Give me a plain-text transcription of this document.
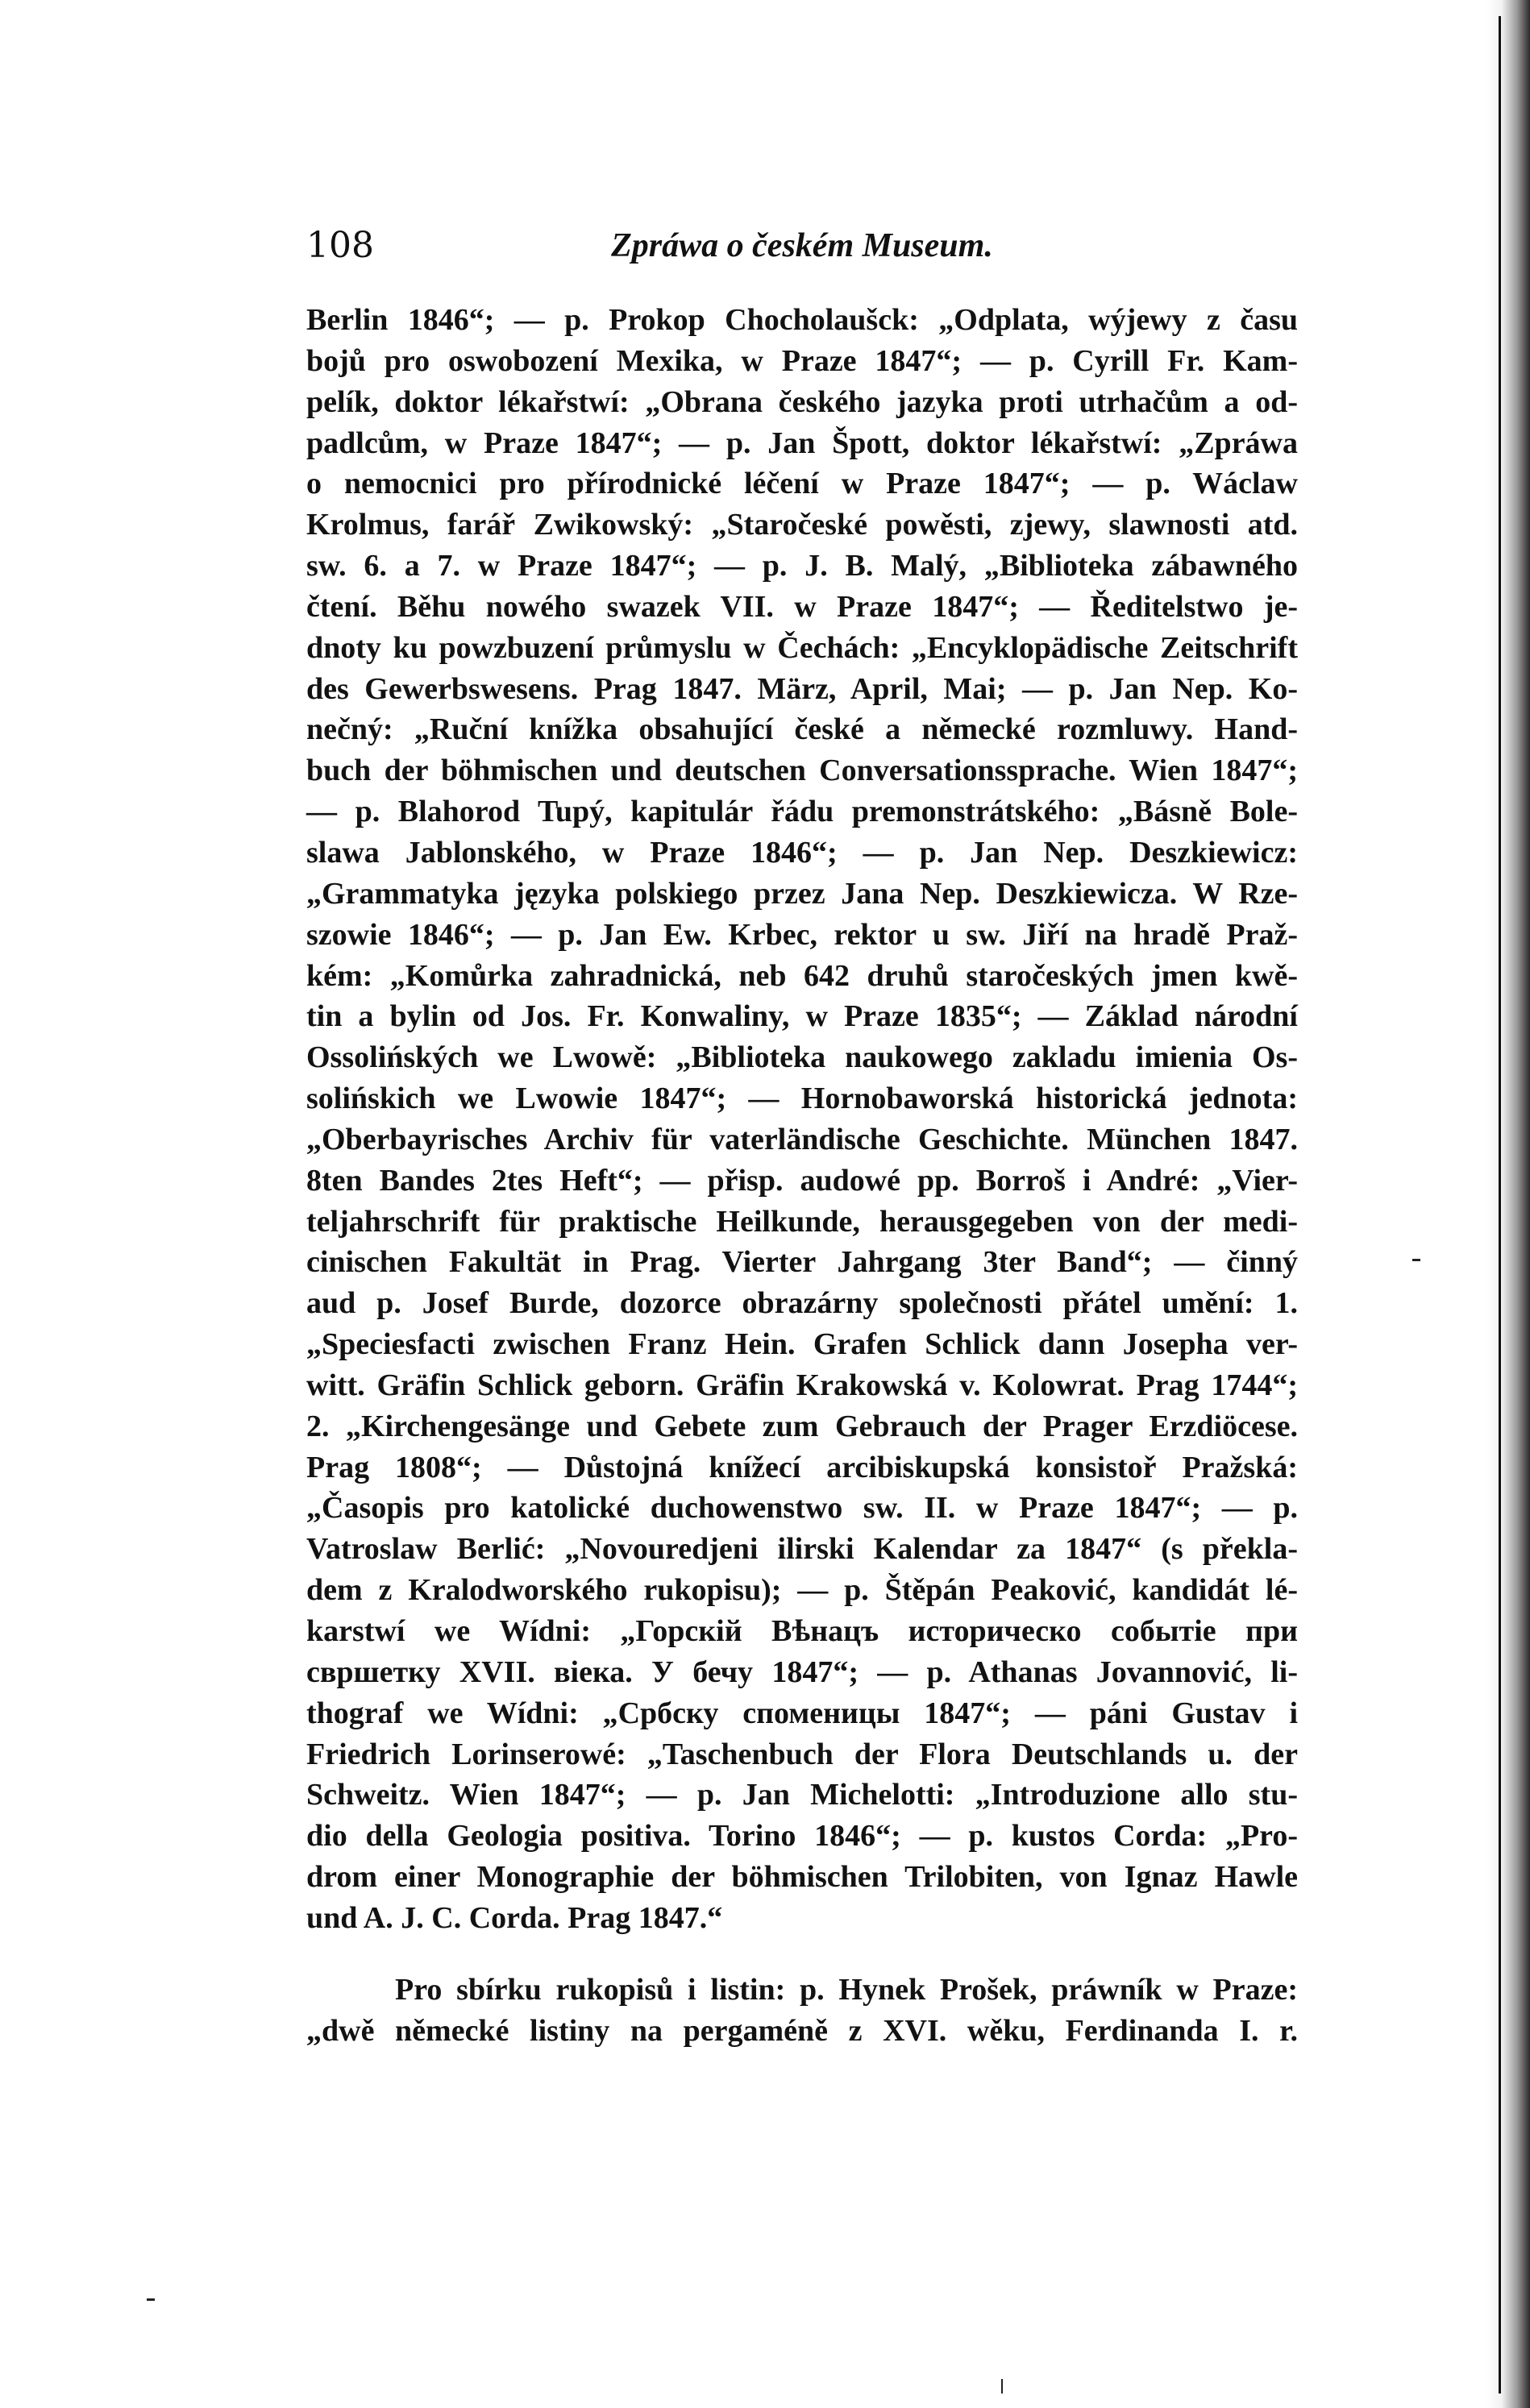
108	Zpráwa o českém Museum.
Berlin 1846“; — p. Prokop Chocholaušck: „Odplata, wýjewy z času
bojů pro oswobození Mexika, w Praze 1847“; — p. Cyrill Fr. Kam-
pelík, doktor lékařstwí: „Obrana českého jazyka proti utrhačům a od-
padlcům, w Praze 1847“; — p. Jan Špott, doktor lékařstwí: „Zpráwa
o nemocnici pro přírodnické léčení w Praze 1847“; — p. Wáclaw
Krolmus, farář Zwikowský: „Staročeské powěsti, zjewy, slawnosti atd.
sw. 6. a 7. w Praze 1847“; — p. J. B. Malý, „Biblioteka zábawného
čtení. Běhu nowého swazek VII. w Praze 1847“; — Ředitelstwo je-
dnoty ku powzbuzení průmyslu w Čechách: „Encyklopädische Zeitschrift
des Gewerbswesens. Prag 1847. März, April, Mai; — p. Jan Nep. Ko-
nečný: „Ruční knížka obsahující české a německé rozmluwy. Hand-
buch der böhmischen und deutschen Conversationssprache. Wien 1847“;
— p. Blahorod Tupý, kapitulár řádu premonstrátského: „Básně Bole-
slawa Jablonského, w Praze 1846“; — p. Jan Nep. Deszkiewicz:
„Grammatyka języka polskiego przez Jana Nep. Deszkiewicza. W Rze-
szowie 1846“; — p. Jan Ew. Krbec, rektor u sw. Jiří na hradě Praž-
kém: „Komůrka zahradnická, neb 642 druhů staročeských jmen kwě-
tin a bylin od Jos. Fr. Konwaliny, w Praze 1835“; — Základ národní
Ossolińských we Lwowě: „Biblioteka naukowego zakladu imienia Os-
solińskich we Lwowie 1847“; — Hornobaworská historická jednota:
„Oberbayrisches Archiv für vaterländische Geschichte. München 1847.
8ten Bandes 2tes Heft“; — přisp. audowé pp. Borroš i André: „Vier-
teljahrschrift für praktische Heilkunde, herausgegeben von der medi-
cinischen Fakultät in Prag. Vierter Jahrgang 3ter Band“; — činný
aud p. Josef Burde, dozorce obrazárny společnosti přátel umění: 1.
„Speciesfacti zwischen Franz Hein. Grafen Schlick dann Josepha ver-
witt. Gräfin Schlick geborn. Gräfin Krakowská v. Kolowrat. Prag 1744“;
2. „Kirchengesänge und Gebete zum Gebrauch der Prager Erzdiöcese.
Prag 1808“; — Důstojná knížecí arcibiskupská konsistoř Pražská:
„Časopis pro katolické duchowenstwo sw. II. w Praze 1847“; — p.
Vatroslaw Berlić: „Novouredjeni ilirski Kalendar za 1847“ (s překla-
dem z Kralodworského rukopisu); — p. Štěpán Peaković, kandidát lé-
karstwí we Wídni: „Горскiй Вѣнацъ историческо событiе при
свршетку XVII. вiека. У бечу 1847“; — p. Athanas Jovannović, li-
thograf we Wídni: „Србску споменицы 1847“; — páni Gustav i
Friedrich Lorinserowé: „Taschenbuch der Flora Deutschlands u. der
Schweitz. Wien 1847“; — p. Jan Michelotti: „Introduzione allo stu-
dio della Geologia positiva. Torino 1846“; — p. kustos Corda: „Pro-
drom einer Monographie der böhmischen Trilobiten, von Ignaz Hawle
und A. J. C. Corda. Prag 1847.“
Pro sbírku rukopisů i listin: p. Hynek Prošek, práwník w Praze:
„dwě německé listiny na pergaméně z XVI. wěku, Ferdinanda I. r.
